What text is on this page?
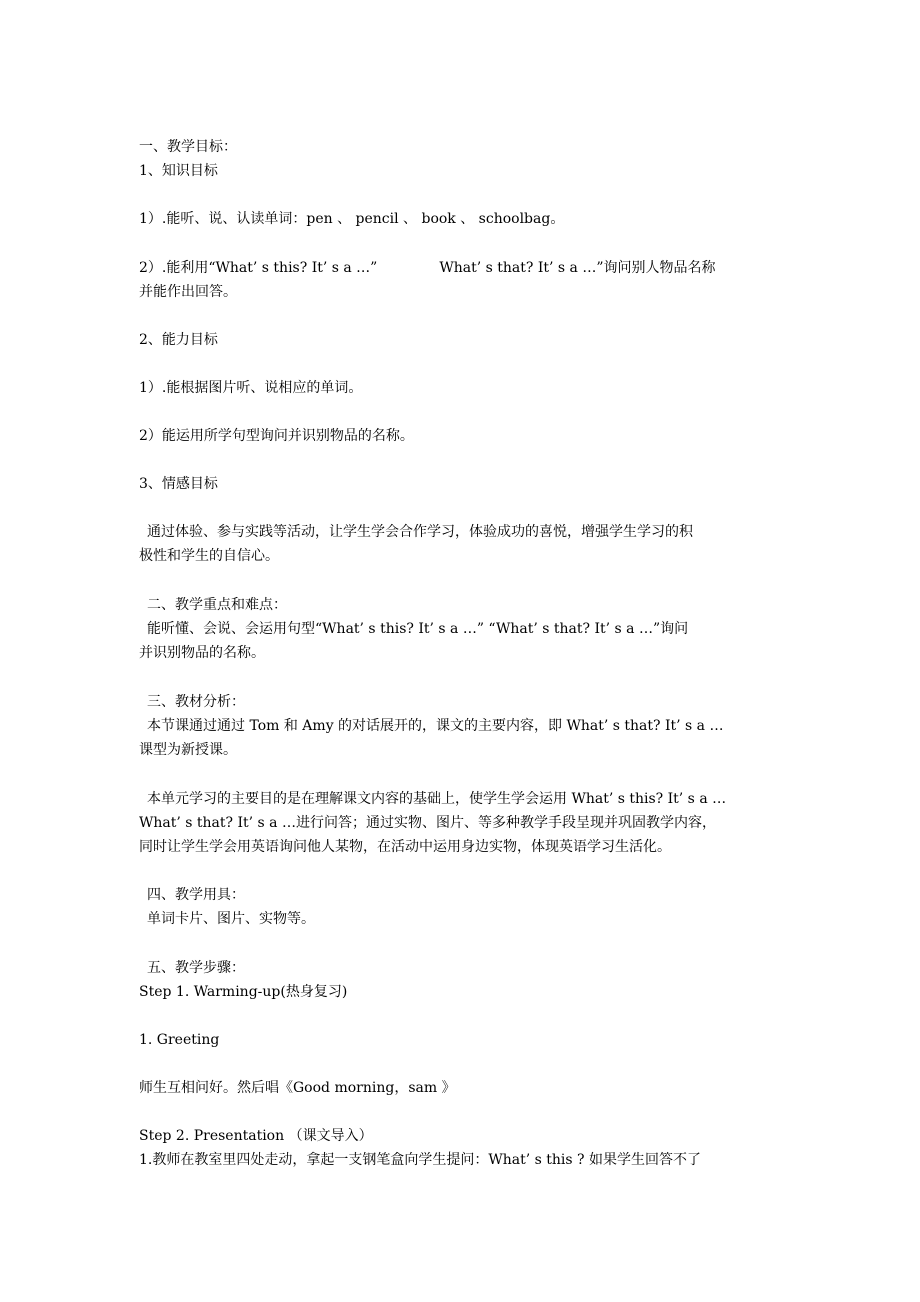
一、教学目标：
1、知识目标
1）.能听、说、认读单词：pen 、 pencil 、 book 、 schoolbag。
2）.能利用“What’ s this? It’ s a …”	What’ s that? It’ s a …”询问别人物品名称
并能作出回答。
2、能力目标
1）.能根据图片听、说相应的单词。
2）能运用所学句型询问并识别物品的名称。
3、情感目标
通过体验、参与实践等活动，让学生学会合作学习，体验成功的喜悦，增强学生学习的积
极性和学生的自信心。
二、教学重点和难点：
能听懂、会说、会运用句型“What’ s this? It’ s a …” “What’ s that? It’ s a …”询问
并识别物品的名称。
三、教材分析：
本节课通过通过 Tom 和 Amy 的对话展开的，课文的主要内容，即 What’ s that? It’ s a …
课型为新授课。
本单元学习的主要目的是在理解课文内容的基础上，使学生学会运用 What’ s this? It’ s a …
What’ s that? It’ s a …进行问答；通过实物、图片、等多种教学手段呈现并巩固教学内容，
同时让学生学会用英语询问他人某物，在活动中运用身边实物，体现英语学习生活化。
四、教学用具：
单词卡片、图片、实物等。
五、教学步骤：
Step 1. Warming-up(热身复习)
1. Greeting
师生互相问好。然后唱《Good morning，sam 》
Step 2. Presentation （课文导入）
1.教师在教室里四处走动，拿起一支钢笔盒向学生提问：What’ s this ? 如果学生回答不了
